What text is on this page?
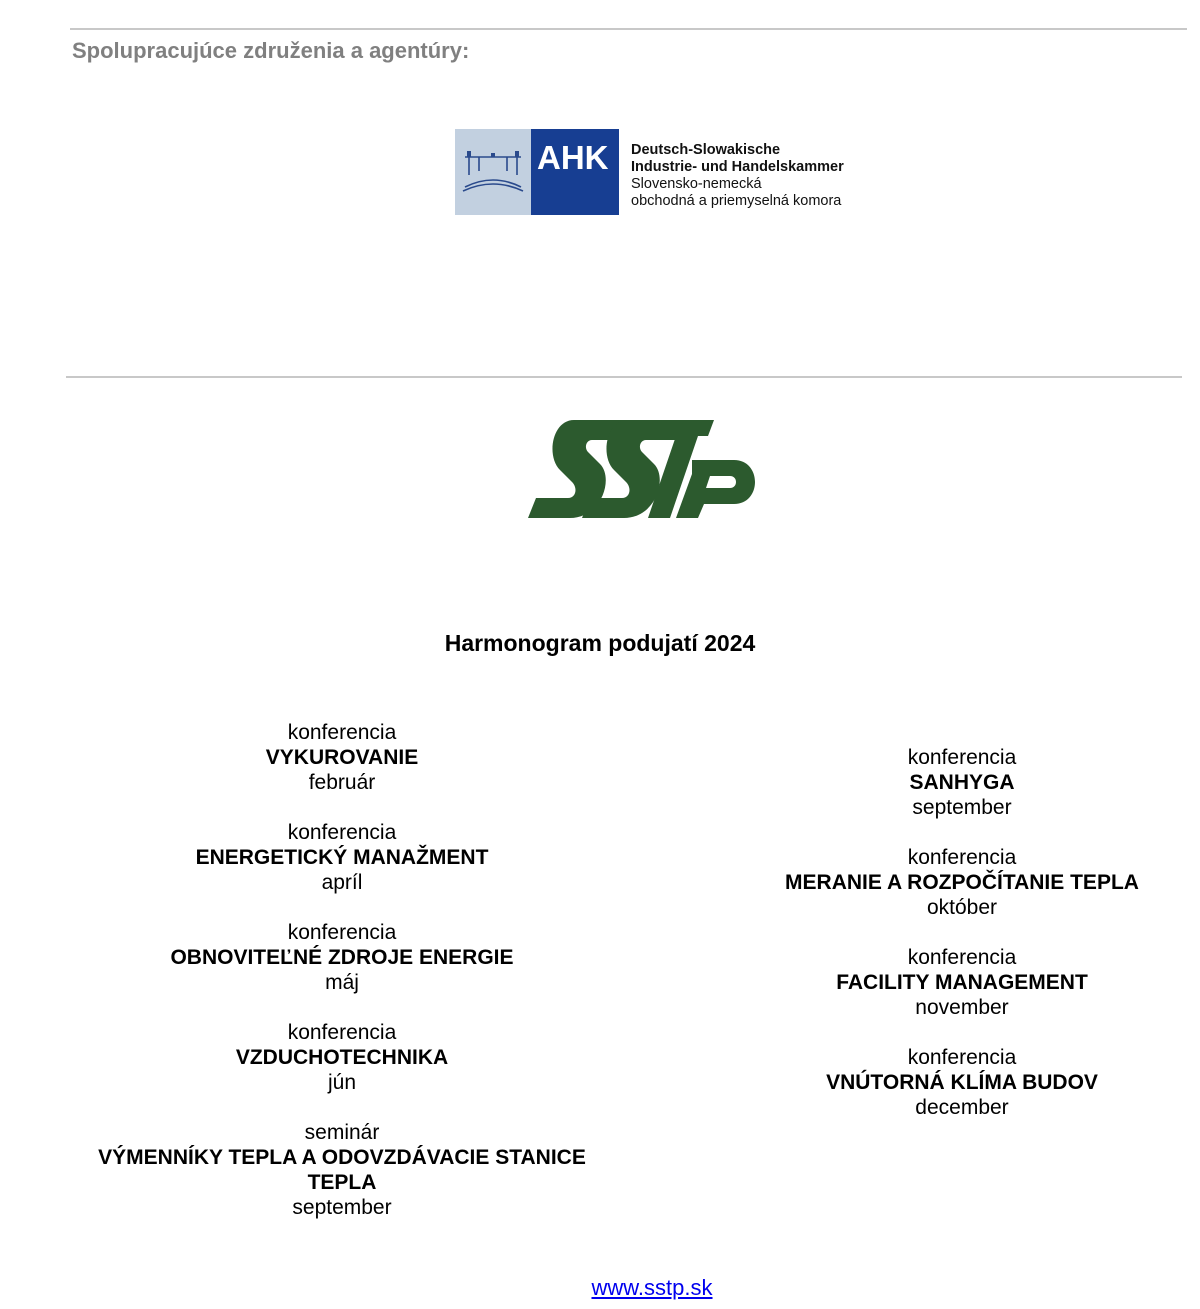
Spolupracujúce združenia a agentúry:
AHK Deutsch-Slowakische
Industrie- und Handelskammer
Slovensko-nemecká
obchodná a priemyselná komora
Harmonogram podujatí 2024
konferencia
VYKUROVANIE
február
konferencia
ENERGETICKÝ MANAŽMENT
apríl
konferencia
OBNOVITEĽNÉ ZDROJE ENERGIE
máj
konferencia
VZDUCHOTECHNIKA
jún
seminár
VÝMENNÍKY TEPLA A ODOVZDÁVACIE STANICE TEPLA
september
konferencia
SANHYGA
september
konferencia
MERANIE A ROZPOČÍTANIE TEPLA
október
konferencia
FACILITY MANAGEMENT
november
konferencia
VNÚTORNÁ KLÍMA BUDOV
december
www.sstp.sk
